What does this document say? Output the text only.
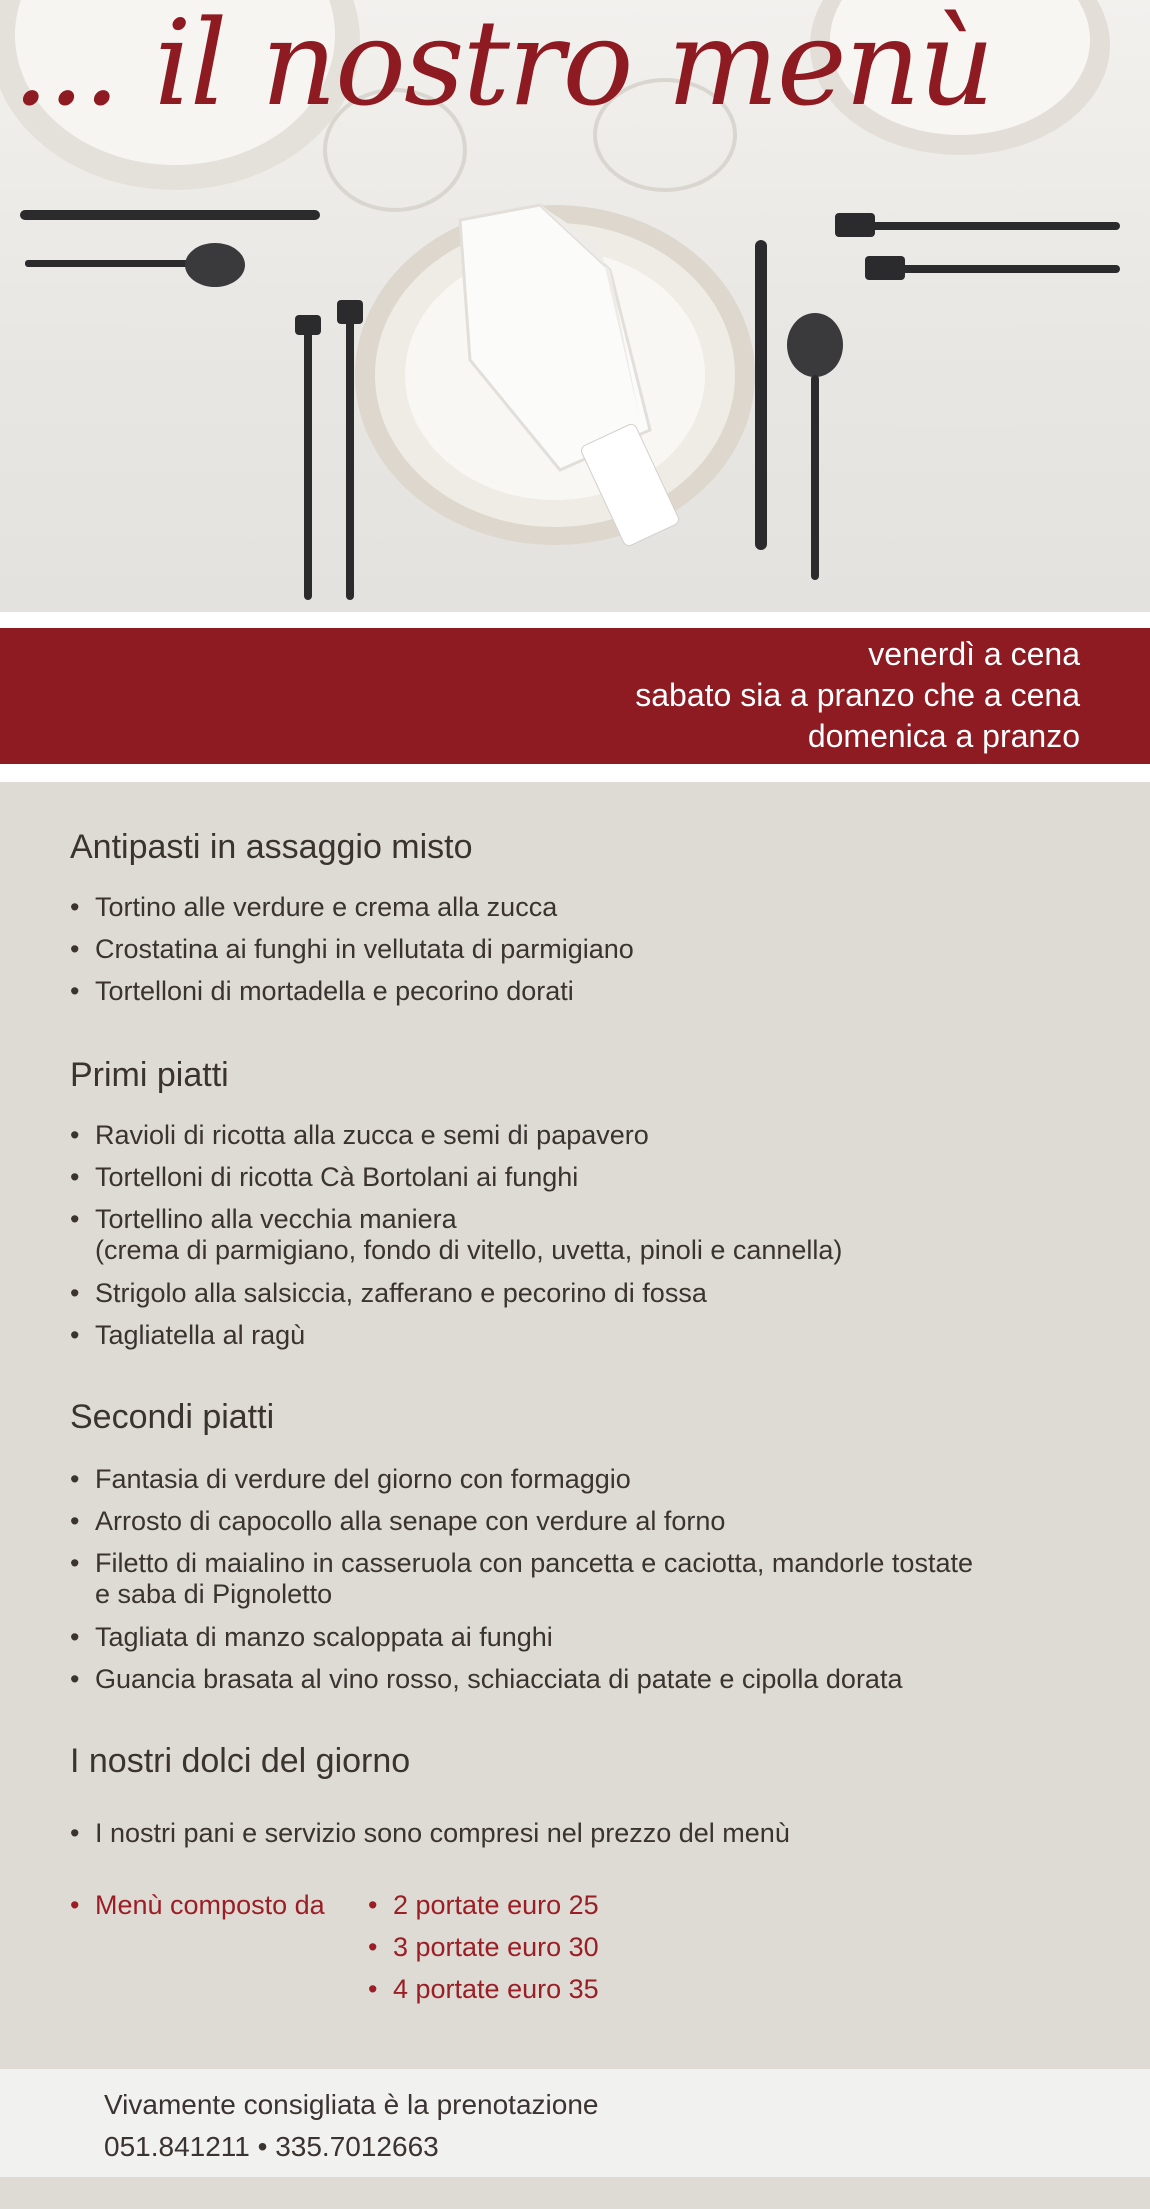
... il nostro menù
venerdì a cena
sabato sia a pranzo che a cena
domenica a pranzo
Antipasti in assaggio misto
• Tortino alle verdure e crema alla zucca
• Crostatina ai funghi in vellutata di parmigiano
• Tortelloni di mortadella e pecorino dorati
Primi piatti
• Ravioli di ricotta alla zucca e semi di papavero
• Tortelloni di ricotta Cà Bortolani ai funghi
• Tortellino alla vecchia maniera
(crema di parmigiano, fondo di vitello, uvetta, pinoli e cannella)
• Strigolo alla salsiccia, zafferano e pecorino di fossa
• Tagliatella al ragù
Secondi piatti
• Fantasia di verdure del giorno con formaggio
• Arrosto di capocollo alla senape con verdure al forno
• Filetto di maialino in casseruola con pancetta e caciotta, mandorle tostate
e saba di Pignoletto
• Tagliata di manzo scaloppata ai funghi
• Guancia brasata al vino rosso, schiacciata di patate e cipolla dorata
I nostri dolci del giorno
• I nostri pani e servizio sono compresi nel prezzo del menù
• Menù composto da • 2 portate euro 25
• 3 portate euro 30
• 4 portate euro 35
Vivamente consigliata è la prenotazione
051.841211 • 335.7012663
